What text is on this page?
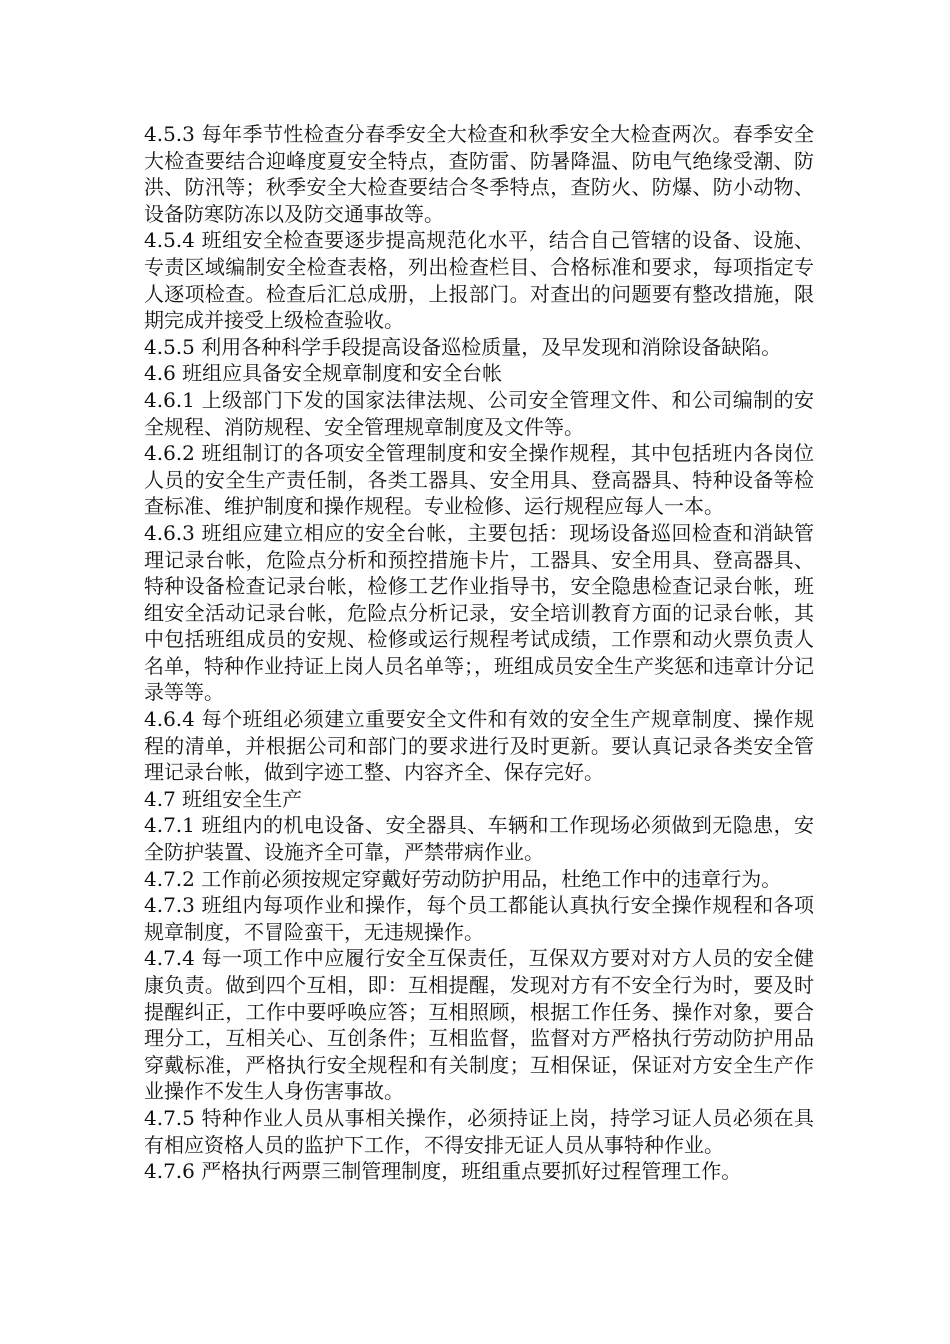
4.5.3 每年季节性检查分春季安全大检查和秋季安全大检查两次。春季安全大检查要结合迎峰度夏安全特点，查防雷、防暑降温、防电气绝缘受潮、防洪、防汛等；秋季安全大检查要结合冬季特点，查防火、防爆、防小动物、设备防寒防冻以及防交通事故等。

4.5.4 班组安全检查要逐步提高规范化水平，结合自己管辖的设备、设施、专责区域编制安全检查表格，列出检查栏目、合格标准和要求，每项指定专人逐项检查。检查后汇总成册，上报部门。对查出的问题要有整改措施，限期完成并接受上级检查验收。

4.5.5 利用各种科学手段提高设备巡检质量，及早发现和消除设备缺陷。

4.6 班组应具备安全规章制度和安全台帐

4.6.1 上级部门下发的国家法律法规、公司安全管理文件、和公司编制的安全规程、消防规程、安全管理规章制度及文件等。

4.6.2 班组制订的各项安全管理制度和安全操作规程，其中包括班内各岗位人员的安全生产责任制，各类工器具、安全用具、登高器具、特种设备等检查标准、维护制度和操作规程。专业检修、运行规程应每人一本。

4.6.3 班组应建立相应的安全台帐，主要包括：现场设备巡回检查和消缺管理记录台帐，危险点分析和预控措施卡片，工器具、安全用具、登高器具、特种设备检查记录台帐，检修工艺作业指导书，安全隐患检查记录台帐，班组安全活动记录台帐，危险点分析记录，安全培训教育方面的记录台帐，其中包括班组成员的安规、检修或运行规程考试成绩，工作票和动火票负责人名单，特种作业持证上岗人员名单等；，班组成员安全生产奖惩和违章计分记录等等。

4.6.4 每个班组必须建立重要安全文件和有效的安全生产规章制度、操作规程的清单，并根据公司和部门的要求进行及时更新。要认真记录各类安全管理记录台帐，做到字迹工整、内容齐全、保存完好。

4.7 班组安全生产

4.7.1 班组内的机电设备、安全器具、车辆和工作现场必须做到无隐患，安全防护装置、设施齐全可靠，严禁带病作业。

4.7.2 工作前必须按规定穿戴好劳动防护用品，杜绝工作中的违章行为。

4.7.3 班组内每项作业和操作，每个员工都能认真执行安全操作规程和各项规章制度，不冒险蛮干，无违规操作。

4.7.4 每一项工作中应履行安全互保责任，互保双方要对对方人员的安全健康负责。做到四个互相，即：互相提醒，发现对方有不安全行为时，要及时提醒纠正，工作中要呼唤应答；互相照顾，根据工作任务、操作对象，要合理分工，互相关心、互创条件；互相监督，监督对方严格执行劳动防护用品穿戴标准，严格执行安全规程和有关制度；互相保证，保证对方安全生产作业操作不发生人身伤害事故。

4.7.5 特种作业人员从事相关操作，必须持证上岗，持学习证人员必须在具有相应资格人员的监护下工作，不得安排无证人员从事特种作业。

4.7.6 严格执行两票三制管理制度，班组重点要抓好过程管理工作。
